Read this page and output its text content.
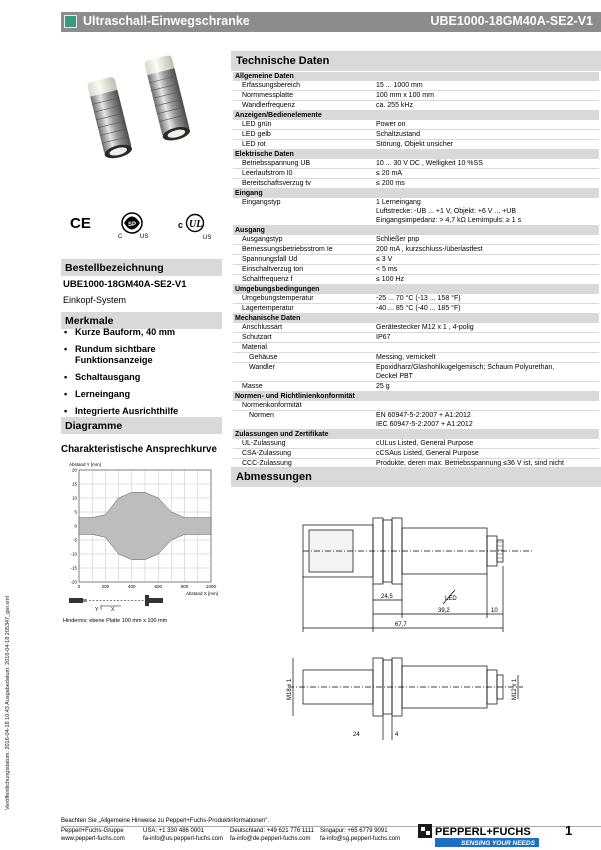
Ultraschall-Einwegschranke	UBE1000-18GM40A-SE2-V1
CE	SP
C	US
c UL
US
Bestellbezeichnung
UBE1000-18GM40A-SE2-V1
Einkopf-System
Merkmale
• Kurze Bauform, 40 mm
• Rundum sichtbare Funktionsanzeige
• Schaltausgang
• Lerneingang
• Integrierte Ausrichthilfe
Diagramme
Charakteristische Ansprechkurve
Abstand Y [mm]
20
15
10
5
0
-5
-10
-15
-20
0	200	400	600	800	1000
Abstand X [mm]
Y	X
Hindernis: ebene Platte 100 mm x 100 mm
Technische Daten
Allgemeine Daten
Erfassungsbereich	15 ... 1000 mm
Normmessplatte	100 mm x 100 mm
Wandlerfrequenz	ca. 255 kHz
Anzeigen/Bedienelemente
LED grün	Power on
LED gelb	Schaltzustand
LED rot	Störung, Objekt unsicher
Elektrische Daten
Betriebsspannung UB	10 ... 30 V DC , Welligkeit 10 %SS
Leerlaufstrom I0	≤ 20 mA
Bereitschaftsverzug tv	≤ 200 ms
Eingang
Eingangstyp	1 Lerneingang
Luftstrecke: -UB ... +1 V, Objekt: +6 V ... +UB
Eingangsimpedanz: > 4,7 kΩ Lernimpuls: ≥ 1 s
Ausgang
Ausgangstyp	Schließer pnp
Bemessungsbetriebsstrom Ie	200 mA , kurzschluss-/überlastfest
Spannungsfall Ud	≤ 3 V
Einschaltverzug ton	< 5 ms
Schaltfrequenz f	≤ 100 Hz
Umgebungsbedingungen
Umgebungstemperatur	-25 ... 70 °C (-13 ... 158 °F)
Lagertemperatur	-40 ... 85 °C (-40 ... 185 °F)
Mechanische Daten
Anschlussart	Gerätestecker M12 x 1 , 4-polig
Schutzart	IP67
Material
Gehäuse	Messing, vernickelt
Wandler	Epoxidharz/Glashohlkugelgemisch; Schaum Polyurethan,
Deckel PBT
Masse	25 g
Normen- und Richtlinienkonformität
Normenkonformität
Normen	EN 60947-5-2:2007 + A1:2012
IEC 60947-5-2:2007 + A1:2012
Zulassungen und Zertifikate
UL-Zulassung	cULus Listed, General Purpose
CSA-Zulassung	cCSAus Listed, General Purpose
CCC-Zulassung	Produkte, deren max. Betriebsspannung ≤36 V ist, sind nicht

Abmessungen
24,5
39,2	10
67,7
LED
M18 x 1	M12 x 1
24	4
Veröffentlichungsdatum: 2016-04-18 10:43 Ausgabedatum: 2016-04-18 205347_ger.xml
Beachten Sie „Allgemeine Hinweise zu Pepperl+Fuchs-Produktinformationen".
Pepperl+Fuchs-Gruppe
www.pepperl-fuchs.com
USA: +1 330 486 0001
fa-info@us.pepperl-fuchs.com
Deutschland: +49 621 776 1111
fa-info@de.pepperl-fuchs.com
Singapur: +65 6779 9091
fa-info@sg.pepperl-fuchs.com
PEPPERL+FUCHS
SENSING YOUR NEEDS
1
